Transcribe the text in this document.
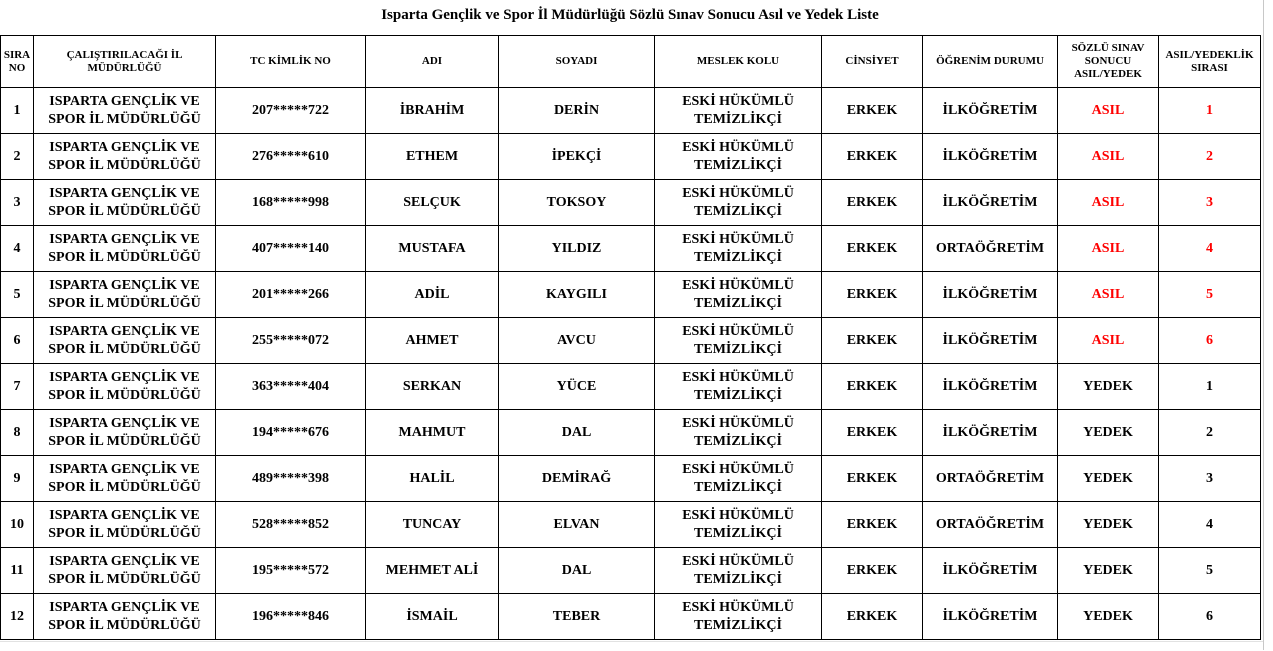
Isparta Gençlik ve Spor İl Müdürlüğü Sözlü Sınav Sonucu Asıl ve Yedek Liste
SIRA NO	ÇALIŞTIRILACAĞI İL MÜDÜRLÜĞÜ	TC KİMLİK NO	ADI	SOYADI	MESLEK KOLU	CİNSİYET	ÖĞRENİM DURUMU	SÖZLÜ SINAV SONUCU ASIL/YEDEK	ASIL/YEDEKLİK SIRASI
1	ISPARTA GENÇLİK VE SPOR İL MÜDÜRLÜĞÜ	207*****722	İBRAHİM	DERİN	ESKİ HÜKÜMLÜ TEMİZLİKÇİ	ERKEK	İLKÖĞRETİM	ASIL	1
2	ISPARTA GENÇLİK VE SPOR İL MÜDÜRLÜĞÜ	276*****610	ETHEM	İPEKÇİ	ESKİ HÜKÜMLÜ TEMİZLİKÇİ	ERKEK	İLKÖĞRETİM	ASIL	2
3	ISPARTA GENÇLİK VE SPOR İL MÜDÜRLÜĞÜ	168*****998	SELÇUK	TOKSOY	ESKİ HÜKÜMLÜ TEMİZLİKÇİ	ERKEK	İLKÖĞRETİM	ASIL	3
4	ISPARTA GENÇLİK VE SPOR İL MÜDÜRLÜĞÜ	407*****140	MUSTAFA	YILDIZ	ESKİ HÜKÜMLÜ TEMİZLİKÇİ	ERKEK	ORTAÖĞRETİM	ASIL	4
5	ISPARTA GENÇLİK VE SPOR İL MÜDÜRLÜĞÜ	201*****266	ADİL	KAYGILI	ESKİ HÜKÜMLÜ TEMİZLİKÇİ	ERKEK	İLKÖĞRETİM	ASIL	5
6	ISPARTA GENÇLİK VE SPOR İL MÜDÜRLÜĞÜ	255*****072	AHMET	AVCU	ESKİ HÜKÜMLÜ TEMİZLİKÇİ	ERKEK	İLKÖĞRETİM	ASIL	6
7	ISPARTA GENÇLİK VE SPOR İL MÜDÜRLÜĞÜ	363*****404	SERKAN	YÜCE	ESKİ HÜKÜMLÜ TEMİZLİKÇİ	ERKEK	İLKÖĞRETİM	YEDEK	1
8	ISPARTA GENÇLİK VE SPOR İL MÜDÜRLÜĞÜ	194*****676	MAHMUT	DAL	ESKİ HÜKÜMLÜ TEMİZLİKÇİ	ERKEK	İLKÖĞRETİM	YEDEK	2
9	ISPARTA GENÇLİK VE SPOR İL MÜDÜRLÜĞÜ	489*****398	HALİL	DEMİRAĞ	ESKİ HÜKÜMLÜ TEMİZLİKÇİ	ERKEK	ORTAÖĞRETİM	YEDEK	3
10	ISPARTA GENÇLİK VE SPOR İL MÜDÜRLÜĞÜ	528*****852	TUNCAY	ELVAN	ESKİ HÜKÜMLÜ TEMİZLİKÇİ	ERKEK	ORTAÖĞRETİM	YEDEK	4
11	ISPARTA GENÇLİK VE SPOR İL MÜDÜRLÜĞÜ	195*****572	MEHMET ALİ	DAL	ESKİ HÜKÜMLÜ TEMİZLİKÇİ	ERKEK	İLKÖĞRETİM	YEDEK	5
12	ISPARTA GENÇLİK VE SPOR İL MÜDÜRLÜĞÜ	196*****846	İSMAİL	TEBER	ESKİ HÜKÜMLÜ TEMİZLİKÇİ	ERKEK	İLKÖĞRETİM	YEDEK	6
